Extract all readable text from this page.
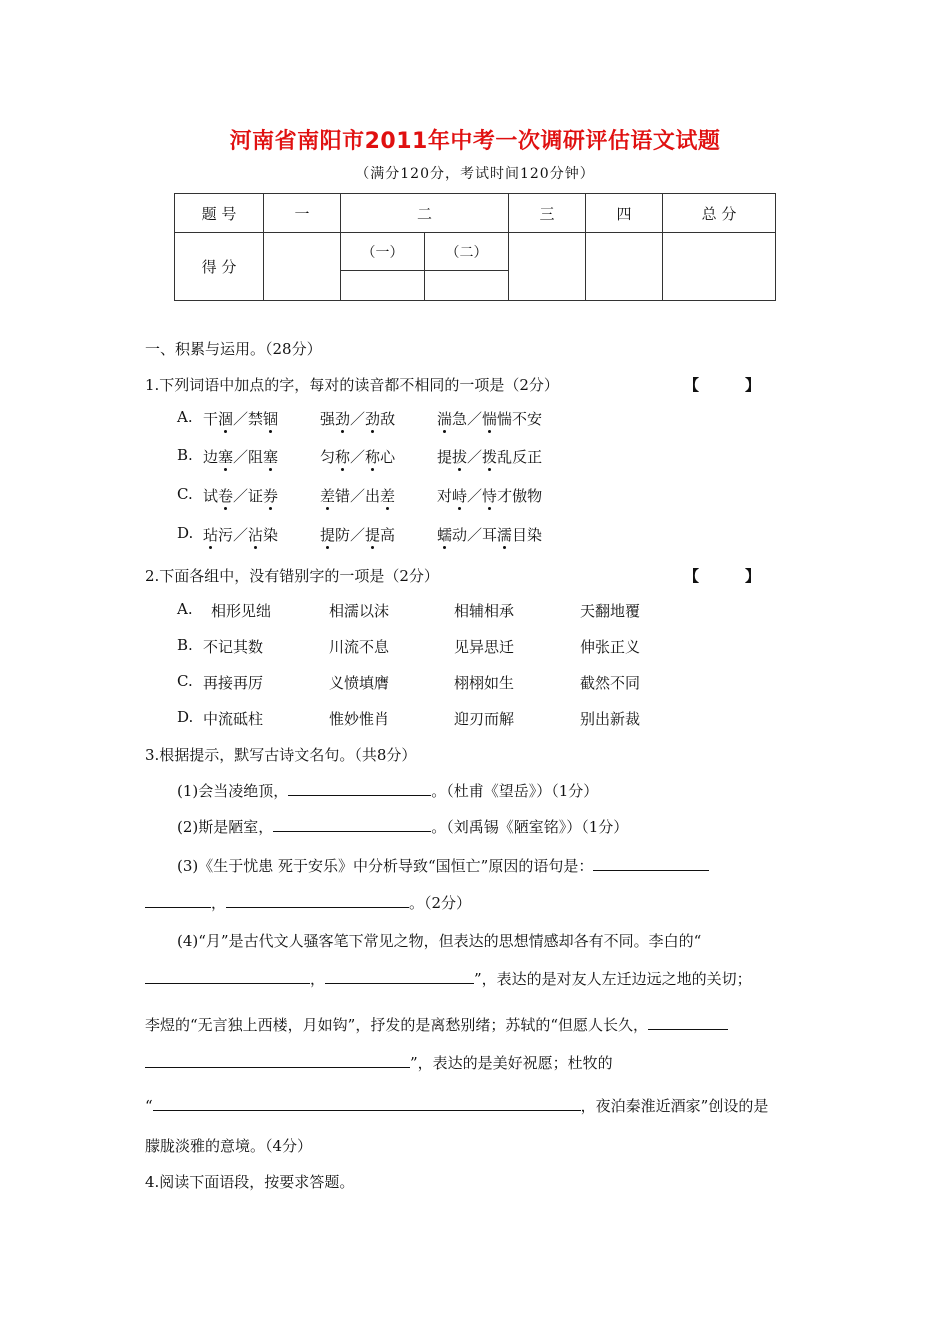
河南省南阳市2011年中考一次调研评估语文试题
（满分120分，考试时间120分钟）
题 号	一	二		三	四	总 分
得 分		（一）	（二）			

一、积累与运用。（28分）
1.下列词语中加点的字，每对的读音都不相同的一项是（2分）	【	】
A. 干涸／禁锢	强劲／劲敌	湍急／惴惴不安
B. 边塞／阻塞	匀称／称心	提拔／拨乱反正
C. 试卷／证券	差错／出差	对峙／恃才傲物
D. 玷污／沾染	提防／提高	蠕动／耳濡目染
2.下面各组中，没有错别字的一项是（2分）	【	】
A. 相形见绌	相濡以沫	相辅相承	天翻地覆
B. 不记其数	川流不息	见异思迁	伸张正义
C. 再接再厉	义愤填膺	栩栩如生	截然不同
D. 中流砥柱	惟妙惟肖	迎刃而解	别出新裁
3.根据提示，默写古诗文名句。（共8分）
(1)会当凌绝顶，	。（杜甫《望岳》）（1分）
(2)斯是陋室，	。（刘禹锡《陋室铭》）（1分）
(3)《生于忧患 死于安乐》中分析导致“国恒亡”原因的语句是：
，	。（2分）
(4)“月”是古代文人骚客笔下常见之物，但表达的思想情感却各有不同。李白的“
，	”，表达的是对友人左迁边远之地的关切；
李煜的“无言独上西楼，月如钩”，抒发的是离愁别绪；苏轼的“但愿人长久，
”，表达的是美好祝愿；杜牧的
“	，夜泊秦淮近酒家”创设的是
朦胧淡雅的意境。（4分）
4.阅读下面语段，按要求答题。
